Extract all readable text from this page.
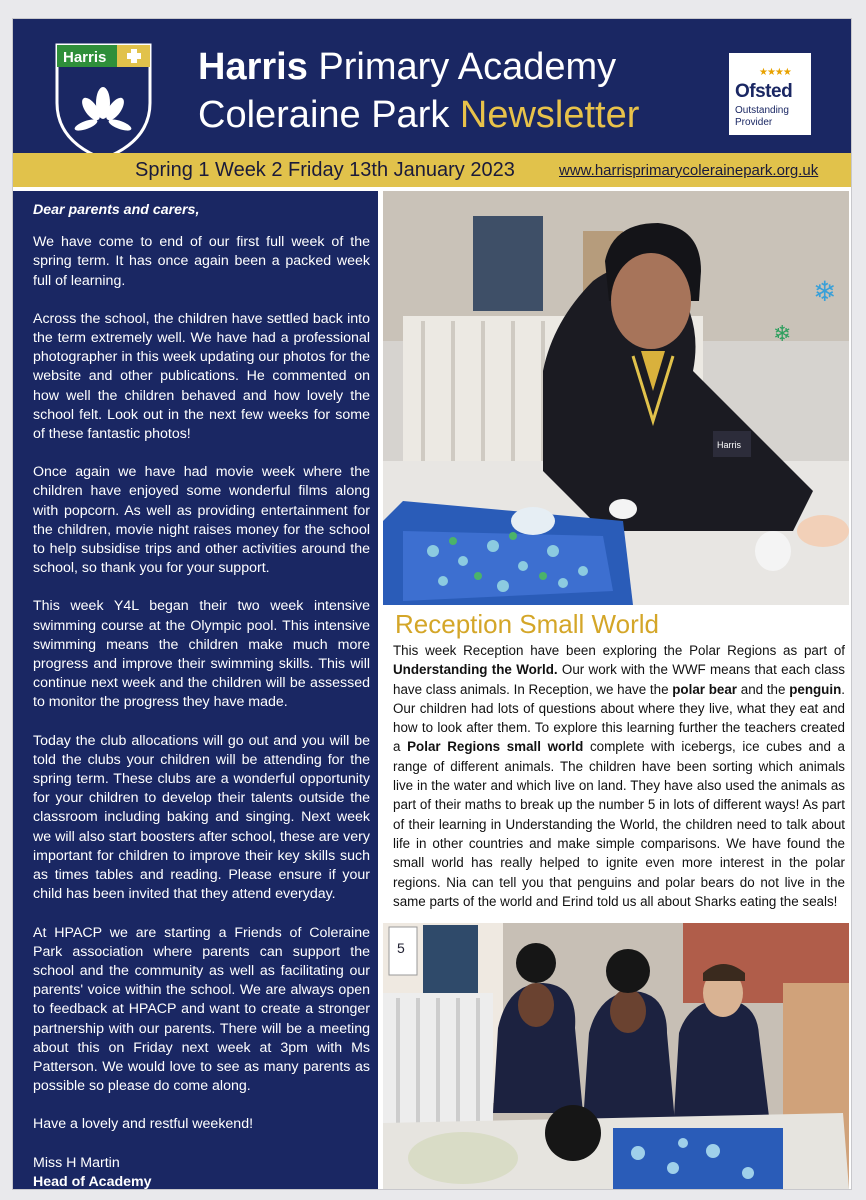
Harris Harris Primary Academy
Coleraine Park Newsletter
★★★★
Ofsted
Outstanding
Provider
Spring 1 Week 2 Friday 13th January 2023	www.harrisprimarycolerainepark.org.uk

Dear parents and carers,

We have come to end of our first full week of the spring term. It has once again been a packed week full of learning.

Across the school, the children have settled back into the term extremely well. We have had a professional photographer in this week updating our photos for the website and other publications. He commented on how well the children behaved and how lovely the school felt. Look out in the next few weeks for some of these fantastic photos!

Once again we have had movie week where the children have enjoyed some wonderful films along with popcorn. As well as providing entertainment for the children, movie night raises money for the school to help subsidise trips and other activities around the school, so thank you for your support.

This week Y4L began their two week intensive swimming course at the Olympic pool. This intensive swimming means the children make much more progress and improve their swimming skills. This will continue next week and the children will be assessed to monitor the progress they have made.

Today the club allocations will go out and you will be told the clubs your children will be attending for the spring term. These clubs are a wonderful opportunity for your children to develop their talents outside the classroom including baking and singing. Next week we will also start boosters after school, these are very important for children to improve their key skills such as times tables and reading. Please ensure if your child has been invited that they attend everyday.

At HPACP we are starting a Friends of Coleraine Park association where parents can support the school and the community as well as facilitating our parents' voice within the school. We are always open to feedback at HPACP and want to create a stronger partnership with our parents. There will be a meeting about this on Friday next week at 3pm with Ms Patterson. We would love to see as many parents as possible so please do come along.

Have a lovely and restful weekend!

Miss H Martin

Head of Academy

❄
❄
Harris
Reception Small World
This week Reception have been exploring the Polar Regions as part of Understanding the World. Our work with the WWF means that each class have class animals. In Reception, we have the polar bear and the penguin. Our children had lots of questions about where they live, what they eat and how to look after them. To explore this learning further the teachers created a Polar Regions small world complete with icebergs, ice cubes and a range of different animals. The children have been sorting which animals live in the water and which live on land. They have also used the animals as part of their maths to break up the number 5 in lots of different ways! As part of their learning in Understanding the World, the children need to talk about life in other countries and make simple comparisons. We have found the small world has really helped to ignite even more interest in the polar regions. Nia can tell you that penguins and polar bears do not live in the same parts of the world and Erind told us all about Sharks eating the seals!
5
